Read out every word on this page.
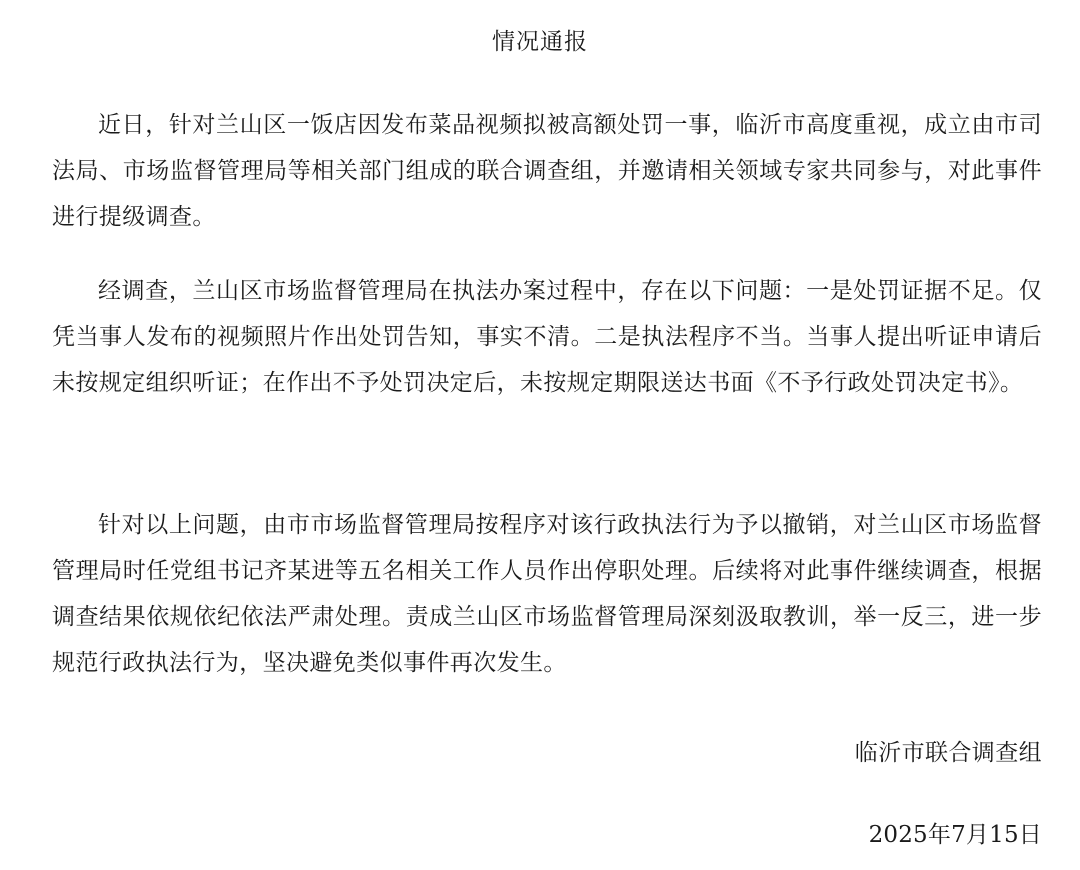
情况通报

近日，针对兰山区一饭店因发布菜品视频拟被高额处罚一事，临沂市高度重视，成立由市司法局、市场监督管理局等相关部门组成的联合调查组，并邀请相关领域专家共同参与，对此事件进行提级调查。

经调查，兰山区市场监督管理局在执法办案过程中，存在以下问题：一是处罚证据不足。仅凭当事人发布的视频照片作出处罚告知，事实不清。二是执法程序不当。当事人提出听证申请后未按规定组织听证；在作出不予处罚决定后，未按规定期限送达书面《不予行政处罚决定书》。

针对以上问题，由市市场监督管理局按程序对该行政执法行为予以撤销，对兰山区市场监督管理局时任党组书记齐某进等五名相关工作人员作出停职处理。后续将对此事件继续调查，根据调查结果依规依纪依法严肃处理。责成兰山区市场监督管理局深刻汲取教训，举一反三，进一步规范行政执法行为，坚决避免类似事件再次发生。

临沂市联合调查组
2025年7月15日
